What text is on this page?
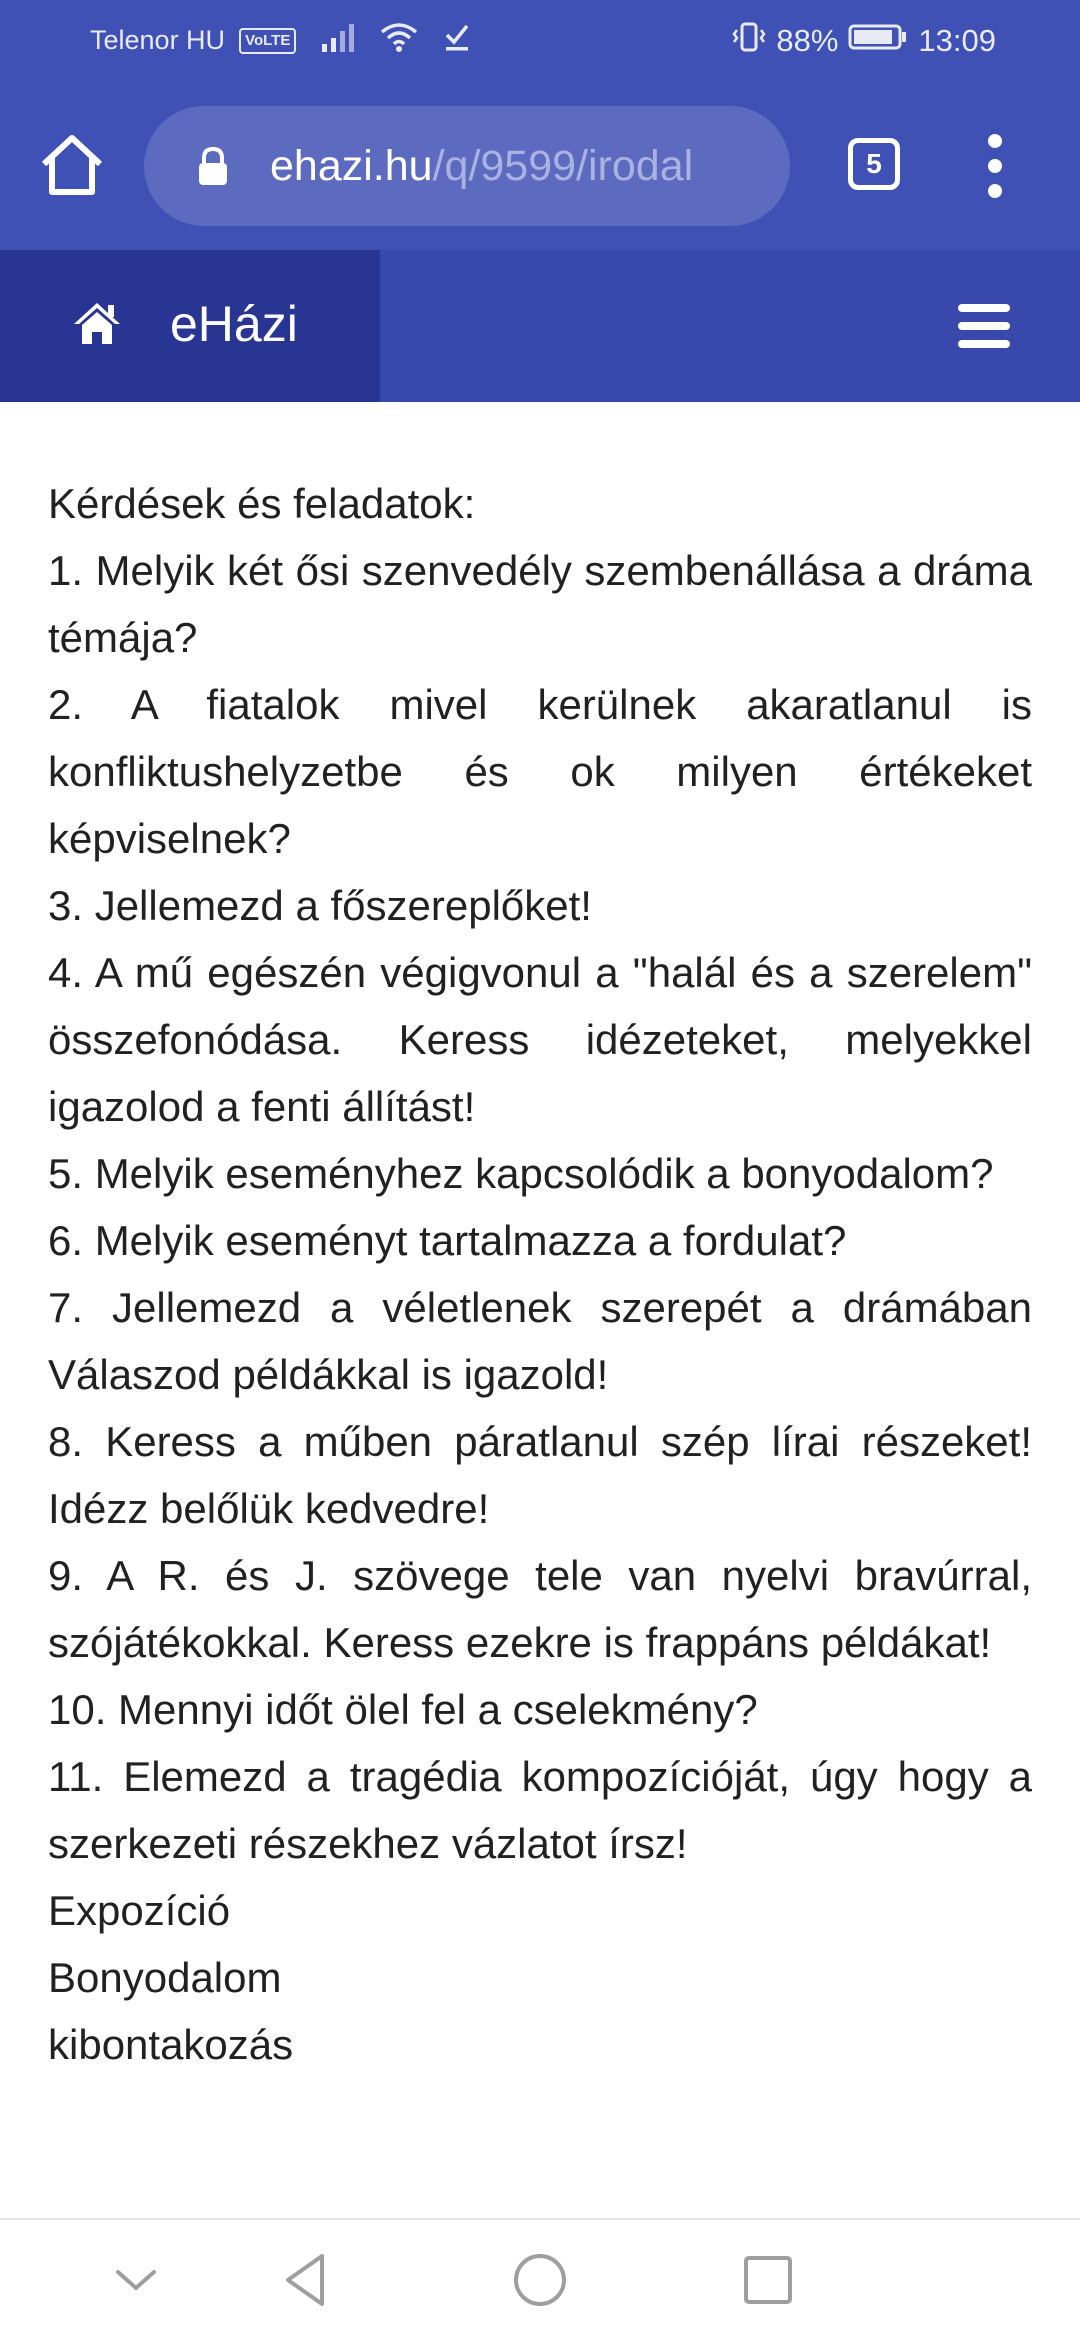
Telenor HU	VoLTE	88%	13:09
ehazi.hu/q/9599/irodal	5
eHázi

Kérdések és feladatok:

1. Melyik két ősi szenvedély szembenállása a dráma témája?

2. A fiatalok mivel kerülnek akaratlanul is konfliktushelyzetbe és ok milyen értékeket képviselnek?

3. Jellemezd a főszereplőket!

4. A mű egészén végigvonul a "halál és a szerelem" összefonódása. Keress idézeteket, melyekkel igazolod a fenti állítást!

5. Melyik eseményhez kapcsolódik a bonyodalom?

6. Melyik eseményt tartalmazza a fordulat?

7. Jellemezd a véletlenek szerepét a drámában Válaszod példákkal is igazold!

8. Keress a műben páratlanul szép lírai részeket! Idézz belőlük kedvedre!

9. A R. és J. szövege tele van nyelvi bravúrral, szójátékokkal. Keress ezekre is frappáns példákat!

10. Mennyi időt ölel fel a cselekmény?

11. Elemezd a tragédia kompozícióját, úgy hogy a szerkezeti részekhez vázlatot írsz!

Expozíció

Bonyodalom

kibontakozás
